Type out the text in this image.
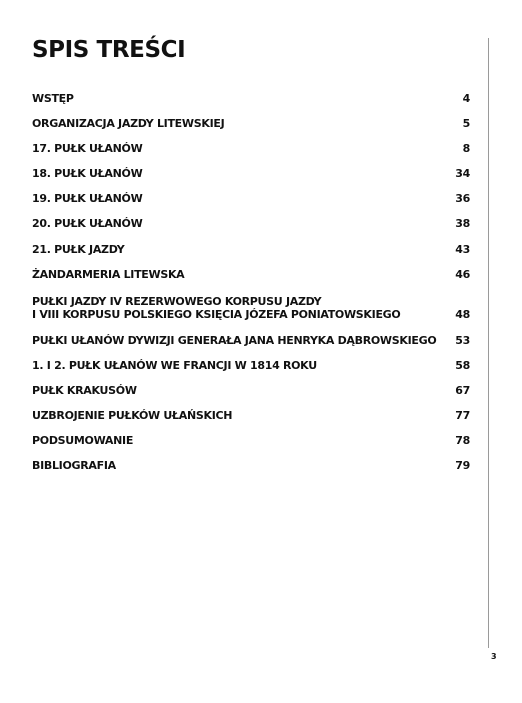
SPIS TREŚCI
WSTĘP	4
ORGANIZACJA JAZDY LITEWSKIEJ	5
17. PUŁK UŁANÓW	8
18. PUŁK UŁANÓW	34
19. PUŁK UŁANÓW	36
20. PUŁK UŁANÓW	38
21. PUŁK JAZDY	43
ŻANDARMERIA LITEWSKA	46
PUŁKI JAZDY IV REZERWOWEGO KORPUSU JAZDY
I VIII KORPUSU POLSKIEGO KSIĘCIA JÓZEFA PONIATOWSKIEGO	48
PUŁKI UŁANÓW DYWIZJI GENERAŁA JANA HENRYKA DĄBROWSKIEGO	53
1. I 2. PUŁK UŁANÓW WE FRANCJI W 1814 ROKU	58
PUŁK KRAKUSÓW	67
UZBROJENIE PUŁKÓW UŁAŃSKICH	77
PODSUMOWANIE	78
BIBLIOGRAFIA	79
3
